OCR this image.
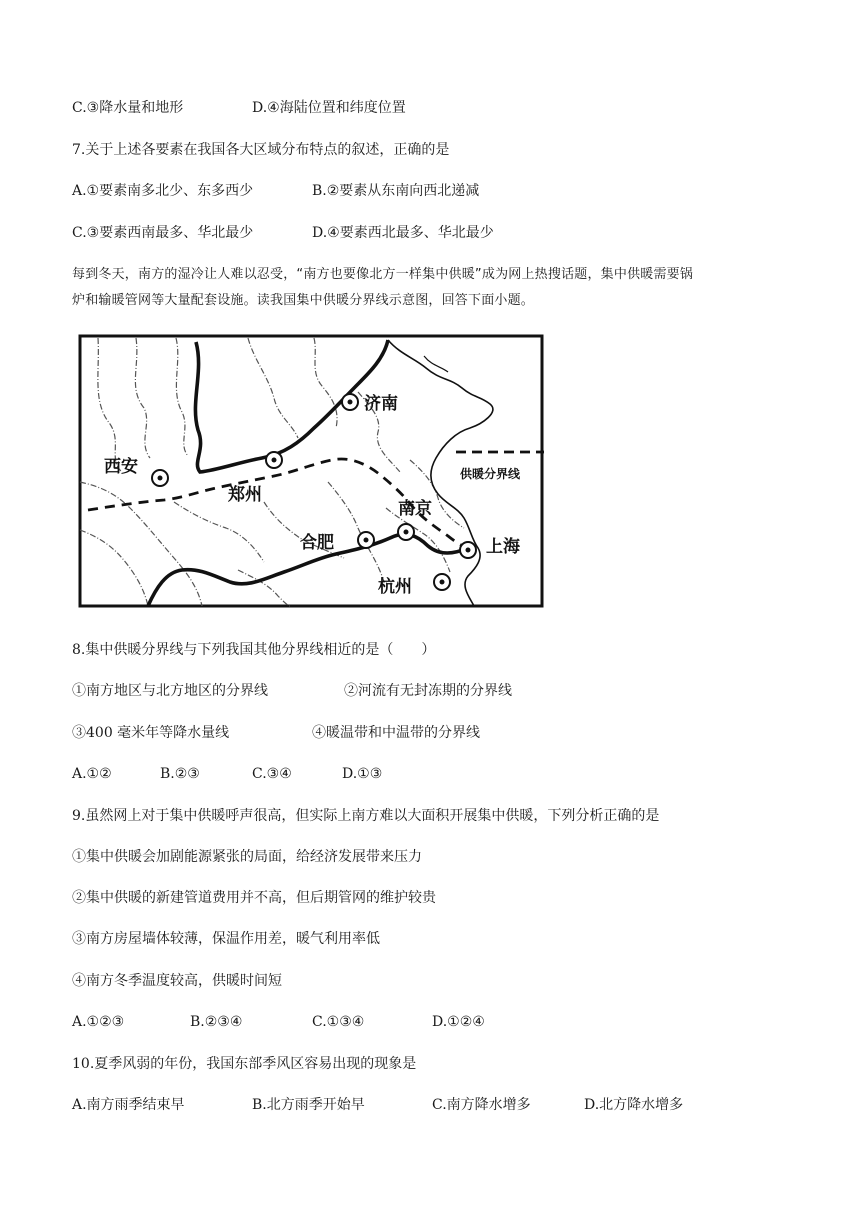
C.③降水量和地形	D.④海陆位置和纬度位置
7.关于上述各要素在我国各大区域分布特点的叙述，正确的是
A.①要素南多北少、东多西少	B.②要素从东南向西北递减
C.③要素西南最多、华北最少	D.④要素西北最多、华北最少
每到冬天，南方的湿冷让人难以忍受，“南方也要像北方一样集中供暖”成为网上热搜话题，集中供暖需要锅
炉和输暖管网等大量配套设施。读我国集中供暖分界线示意图，回答下面小题。
供暖分界线
济南
西安
郑州
南京
合肥	上海
杭州
8.集中供暖分界线与下列我国其他分界线相近的是（　　）
①南方地区与北方地区的分界线	②河流有无封冻期的分界线
③400 毫米年等降水量线	④暖温带和中温带的分界线
A.①②	B.②③	C.③④	D.①③
9.虽然网上对于集中供暖呼声很高，但实际上南方难以大面积开展集中供暖，下列分析正确的是
①集中供暖会加剧能源紧张的局面，给经济发展带来压力
②集中供暖的新建管道费用并不高，但后期管网的维护较贵
③南方房屋墙体较薄，保温作用差，暖气利用率低
④南方冬季温度较高，供暖时间短
A.①②③	B.②③④	C.①③④	D.①②④
10.夏季风弱的年份，我国东部季风区容易出现的现象是
A.南方雨季结束早	B.北方雨季开始早	C.南方降水增多	D.北方降水增多
